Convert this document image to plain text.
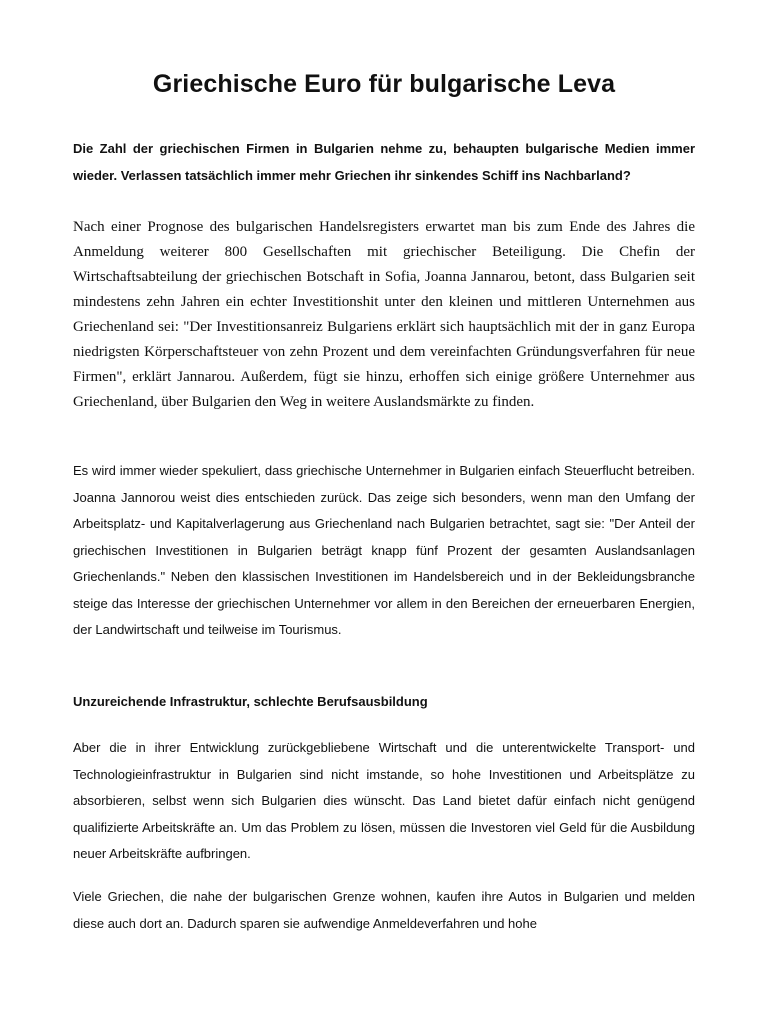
Griechische Euro für bulgarische Leva

Die Zahl der griechischen Firmen in Bulgarien nehme zu, behaupten bulgarische Medien immer wieder. Verlassen tatsächlich immer mehr Griechen ihr sinkendes Schiff ins Nachbarland?

Nach einer Prognose des bulgarischen Handelsregisters erwartet man bis zum Ende des Jahres die Anmeldung weiterer 800 Gesellschaften mit griechischer Beteiligung. Die Chefin der Wirtschaftsabteilung der griechischen Botschaft in Sofia, Joanna Jannarou, betont, dass Bulgarien seit mindestens zehn Jahren ein echter Investitionshit unter den kleinen und mittleren Unternehmen aus Griechenland sei: "Der Investitionsanreiz Bulgariens erklärt sich hauptsächlich mit der in ganz Europa niedrigsten Körperschaftsteuer von zehn Prozent und dem vereinfachten Gründungsverfahren für neue Firmen", erklärt Jannarou. Außerdem, fügt sie hinzu, erhoffen sich einige größere Unternehmer aus Griechenland, über Bulgarien den Weg in weitere Auslandsmärkte zu finden.

Es wird immer wieder spekuliert, dass griechische Unternehmer in Bulgarien einfach Steuerflucht betreiben. Joanna Jannorou weist dies entschieden zurück. Das zeige sich besonders, wenn man den Umfang der Arbeitsplatz- und Kapitalverlagerung aus Griechenland nach Bulgarien betrachtet, sagt sie: "Der Anteil der griechischen Investitionen in Bulgarien beträgt knapp fünf Prozent der gesamten Auslandsanlagen Griechenlands." Neben den klassischen Investitionen im Handelsbereich und in der Bekleidungsbranche steige das Interesse der griechischen Unternehmer vor allem in den Bereichen der erneuerbaren Energien, der Landwirtschaft und teilweise im Tourismus.

Unzureichende Infrastruktur, schlechte Berufsausbildung

Aber die in ihrer Entwicklung zurückgebliebene Wirtschaft und die unterentwickelte Transport- und Technologieinfrastruktur in Bulgarien sind nicht imstande, so hohe Investitionen und Arbeitsplätze zu absorbieren, selbst wenn sich Bulgarien dies wünscht. Das Land bietet dafür einfach nicht genügend qualifizierte Arbeitskräfte an. Um das Problem zu lösen, müssen die Investoren viel Geld für die Ausbildung neuer Arbeitskräfte aufbringen.

Viele Griechen, die nahe der bulgarischen Grenze wohnen, kaufen ihre Autos in Bulgarien und melden diese auch dort an. Dadurch sparen sie aufwendige Anmeldeverfahren und hohe
